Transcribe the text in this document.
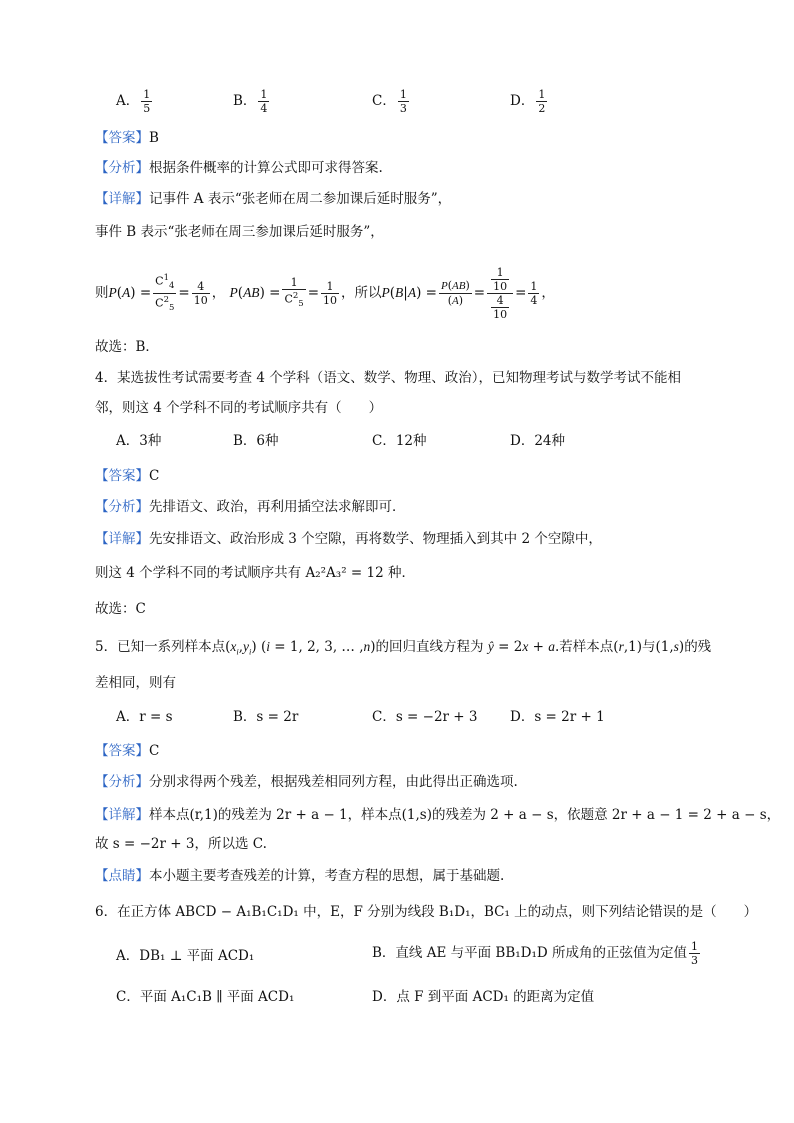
A． $\frac{1}{5}$	B． $\frac{1}{4}$	C． $\frac{1}{3}$	D． $\frac{1}{2}$
【答案】B
【分析】根据条件概率的计算公式即可求得答案.
【详解】记事件 A 表示“张老师在周二参加课后延时服务”，
事件 B 表示“张老师在周三参加课后延时服务”，
则 P ( A ) = $\frac{C^1_4}{C^2_5} = \frac{4}{10}$ ， P ( AB ) = $\frac{1}{C^2_5} = \frac{1}{10}$ ，所以 P ( B | A ) = $\frac{P(AB)}{(A)} = \frac{\frac{1}{10}}{\frac{4}{10}} = \frac{1}{4}$ ，
故选：B．
4．某选拔性考试需要考查 4 个学科（语文、数学、物理、政治），已知物理考试与数学考试不能相
邻，则这 4 个学科不同的考试顺序共有（　　）
A．3种	B．6种	C．12种	D．24种
【答案】C
【分析】先排语文、政治，再利用插空法求解即可．
【详解】先安排语文、政治形成 3 个空隙，再将数学、物理插入到其中 2 个空隙中，
则这 4 个学科不同的考试顺序共有 A₂²A₃² = 12 种．
故选：C
5．已知一系列样本点$(x_i,y_i) (i = 1$, 2, 3, … ,n)的回归直线方程为 ŷ = 2x + a.若样本点(r,1)与(1,s)的残
差相同，则有
A．r = s	B．s = 2r	C．s = −2r + 3 D．s = 2r + 1
【答案】C
【分析】分别求得两个残差，根据残差相同列方程，由此得出正确选项.
【详解】样本点(r,1)的残差为 2r + a − 1，样本点(1,s)的残差为 2 + a − s，依题意 2r + a − 1 = 2 + a − s，
故 s = −2r + 3，所以选 C.
【点睛】本小题主要考查残差的计算，考查方程的思想，属于基础题.
6．在正方体 ABCD − A₁B₁C₁D₁ 中，E，F 分别为线段 B₁D₁，BC₁ 上的动点，则下列结论错误的是（　　）
A．DB₁ ⊥ 平面 ACD₁	B．直线 AE 与平面 BB₁D₁D 所成角的正弦值为定值 $\frac{1}{3}$
C．平面 A₁C₁B ∥ 平面 ACD₁	D．点 F 到平面 ACD₁ 的距离为定值
